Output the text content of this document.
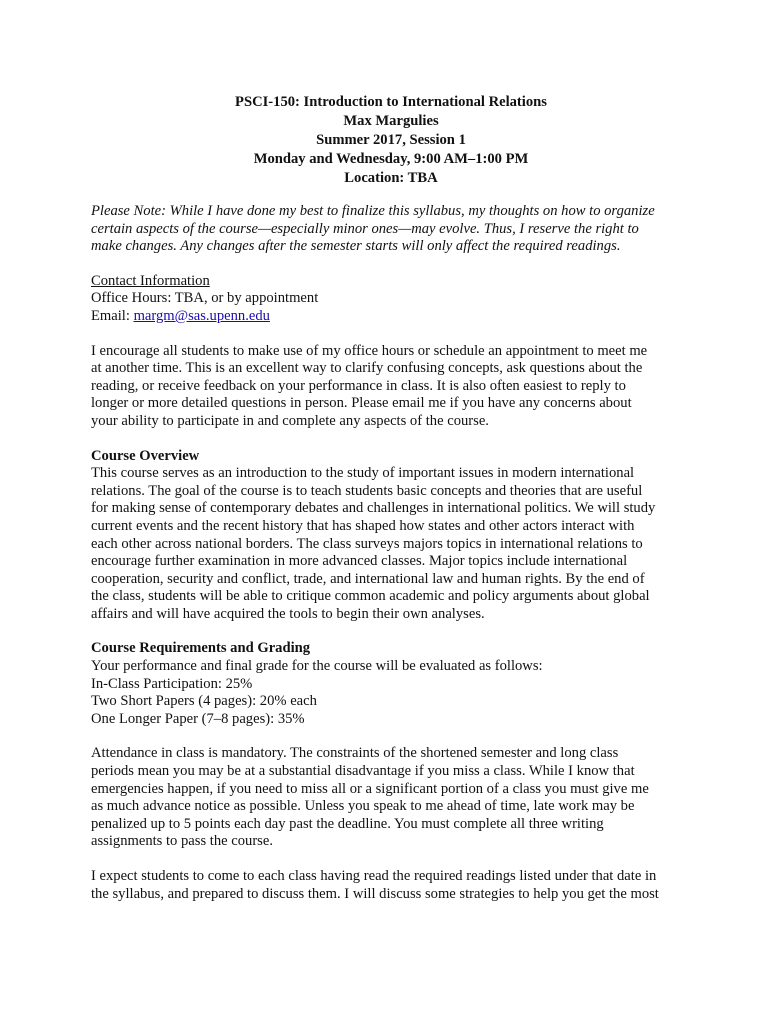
PSCI-150: Introduction to International Relations
Max Margulies
Summer 2017, Session 1
Monday and Wednesday, 9:00 AM–1:00 PM
Location: TBA

Please Note: While I have done my best to finalize this syllabus, my thoughts on how to organize
certain aspects of the course—especially minor ones—may evolve. Thus, I reserve the right to
make changes. Any changes after the semester starts will only affect the required readings.

Contact Information
Office Hours: TBA, or by appointment
Email: margm@sas.upenn.edu

I encourage all students to make use of my office hours or schedule an appointment to meet me
at another time. This is an excellent way to clarify confusing concepts, ask questions about the
reading, or receive feedback on your performance in class. It is also often easiest to reply to
longer or more detailed questions in person. Please email me if you have any concerns about
your ability to participate in and complete any aspects of the course.

Course Overview
This course serves as an introduction to the study of important issues in modern international
relations. The goal of the course is to teach students basic concepts and theories that are useful
for making sense of contemporary debates and challenges in international politics. We will study
current events and the recent history that has shaped how states and other actors interact with
each other across national borders. The class surveys majors topics in international relations to
encourage further examination in more advanced classes. Major topics include international
cooperation, security and conflict, trade, and international law and human rights. By the end of
the class, students will be able to critique common academic and policy arguments about global
affairs and will have acquired the tools to begin their own analyses.
Course Requirements and Grading
Your performance and final grade for the course will be evaluated as follows:
In-Class Participation: 25%
Two Short Papers (4 pages): 20% each
One Longer Paper (7–8 pages): 35%

Attendance in class is mandatory. The constraints of the shortened semester and long class
periods mean you may be at a substantial disadvantage if you miss a class. While I know that
emergencies happen, if you need to miss all or a significant portion of a class you must give me
as much advance notice as possible. Unless you speak to me ahead of time, late work may be
penalized up to 5 points each day past the deadline. You must complete all three writing
assignments to pass the course.

I expect students to come to each class having read the required readings listed under that date in
the syllabus, and prepared to discuss them. I will discuss some strategies to help you get the most
